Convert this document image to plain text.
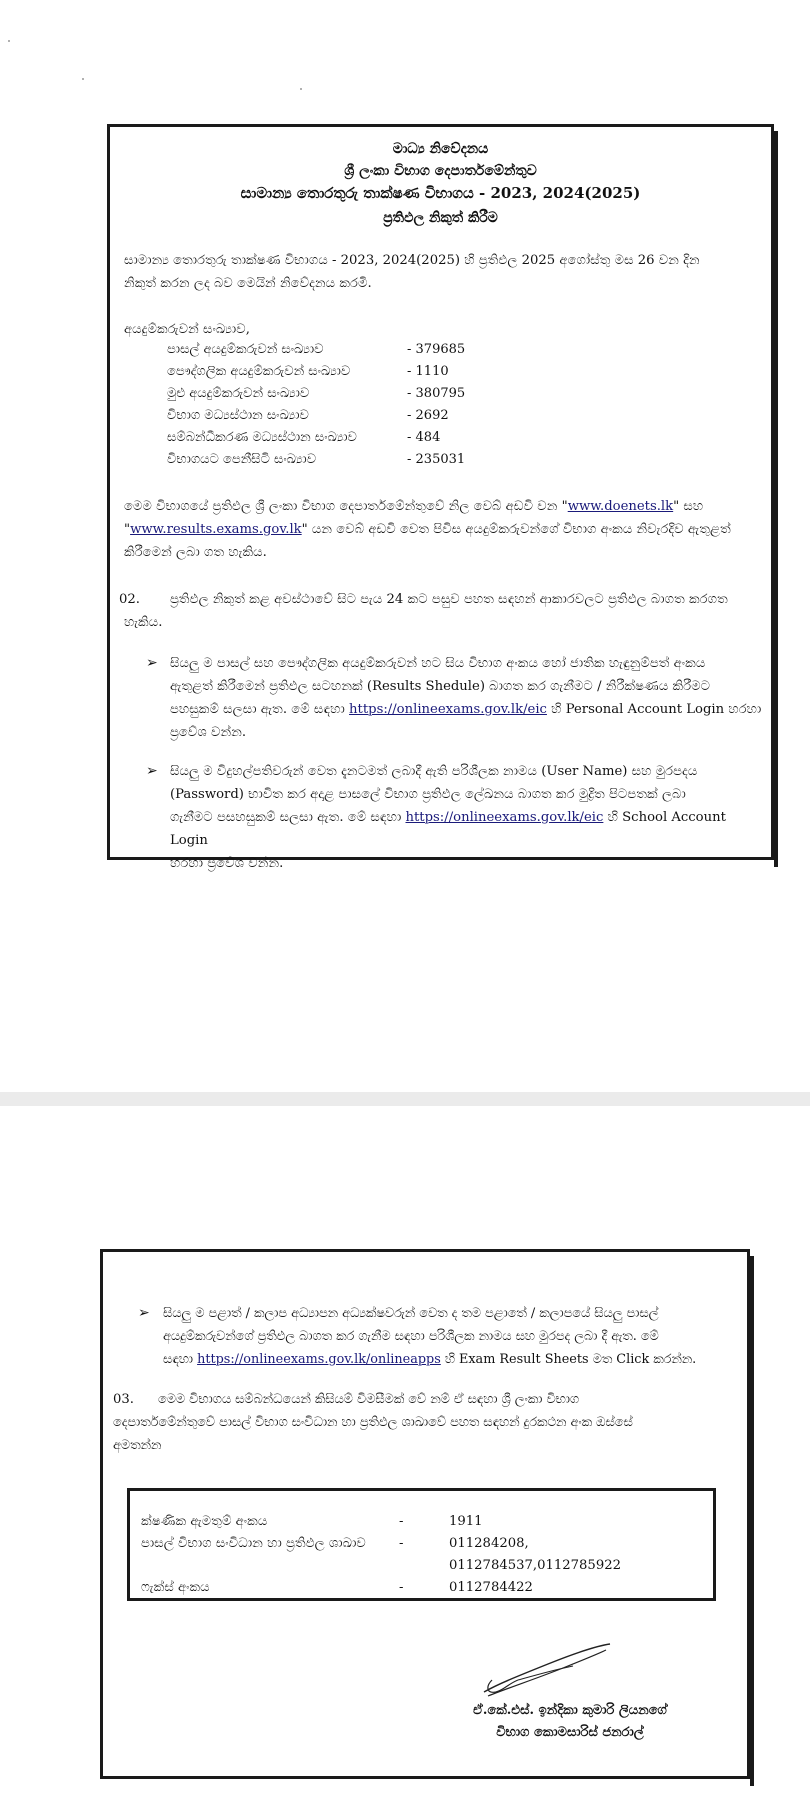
මාධ්‍ය නිවේදනය
ශ්‍රී ලංකා විභාග දෙපාර්තමේන්තුව
සාමාන්‍ය තොරතුරු තාක්ෂණ විභාගය - 2023, 2024(2025)
ප්‍රතිඵල නිකුත් කිරීම
සාමාන්‍ය තොරතුරු තාක්ෂණ විභාගය - 2023, 2024(2025) හි ප්‍රතිඵල 2025 අගෝස්තු මස 26 වන දින
නිකුත් කරන ලද බව මෙයින් නිවේදනය කරමි.
අයදුම්කරුවන් සංඛ්‍යාව,
පාසල් අයදුම්කරුවන් සංඛ්‍යාව	- 379685
පෞද්ගලික අයදුම්කරුවන් සංඛ්‍යාව	- 1110
මුළු අයදුම්කරුවන් සංඛ්‍යාව	- 380795
විභාග මධ්‍යස්ථාන සංඛ්‍යාව	- 2692
සම්බන්ධීකරණ මධ්‍යස්ථාන සංඛ්‍යාව	- 484
විභාගයට පෙනීසිටි සංඛ්‍යාව	- 235031
මෙම විභාගයේ ප්‍රතිඵල ශ්‍රී ලංකා විභාග දෙපාර්තමේන්තුවේ නිල වෙබ් අඩවි වන "www.doenets.lk" සහ
"www.results.exams.gov.lk" යන වෙබ් අඩවි වෙත පිවිස අයදුම්කරුවන්ගේ විභාග අංකය නිවැරදිව ඇතුළත්
කිරීමෙන් ලබා ගත හැකිය.
02. ප්‍රතිඵල නිකුත් කළ අවස්ථාවේ සිට පැය 24 කට පසුව පහත සඳහන් ආකාරවලට ප්‍රතිඵල බාගත කරගත
හැකිය.
➢ සියලු ම පාසල් සහ පෞද්ගලික අයදුම්කරුවන් හට සිය විභාග අංකය හෝ ජාතික හැඳුනුම්පත් අංකය
ඇතුළත් කිරීමෙන් ප්‍රතිඵල සටහනක් (Results Shedule) බාගත කර ගැනීමට / නිරීක්ෂණය කිරීමට
පහසුකම් සලසා ඇත. මේ සඳහා https://onlineexams.gov.lk/eic හි Personal Account Login හරහා
ප්‍රවේශ වන්න.
➢ සියලු ම විදුහල්පතිවරුන් වෙත දැනටමත් ලබාදී ඇති පරිශීලක නාමය (User Name) සහ මුරපදය
(Password) භාවිත කර අදාළ පාසලේ විභාග ප්‍රතිඵල ලේඛනය බාගත කර මුද්‍රිත පිටපතක් ලබා
ගැනීමට පසහසුකම් සලසා ඇත. මේ සඳහා https://onlineexams.gov.lk/eic හි School Account Login
හරහා ප්‍රවේශ වන්න.
➢ සියලු ම පළාත් / කලාප අධ්‍යාපන අධ්‍යක්ෂවරුන් වෙත ද තම පළාතේ / කලාපයේ සියලු පාසල්
අයදුම්කරුවන්ගේ ප්‍රතිඵල බාගත කර ගැනීම සඳහා පරිශීලක නාමය සහ මුරපද ලබා දී ඇත. මේ
සඳහා https://onlineexams.gov.lk/onlineapps හි Exam Result Sheets මත Click කරන්න.
03. මෙම විභාගය සම්බන්ධයෙන් කිසියම් විමසීමක් වේ නම් ඒ සඳහා ශ්‍රී ලංකා විභාග
දෙපාර්තමේන්තුවේ පාසල් විභාග සංවිධාන හා ප්‍රතිඵල ශාඛාවේ පහත සඳහන් දුරකථන අංක ඔස්සේ
අමතන්න
ක්ෂණික ඇමතුම් අංකය	-	1911
පාසල් විභාග සංවිධාන හා ප්‍රතිඵල ශාඛාව	-	011284208, 0112784537,0112785922
ෆැක්ස් අංකය	-	0112784422
ඒ.කේ.එස්. ඉන්දිකා කුමාරි ලියනගේ
විභාග කොමසාරිස් ජනරාල්
